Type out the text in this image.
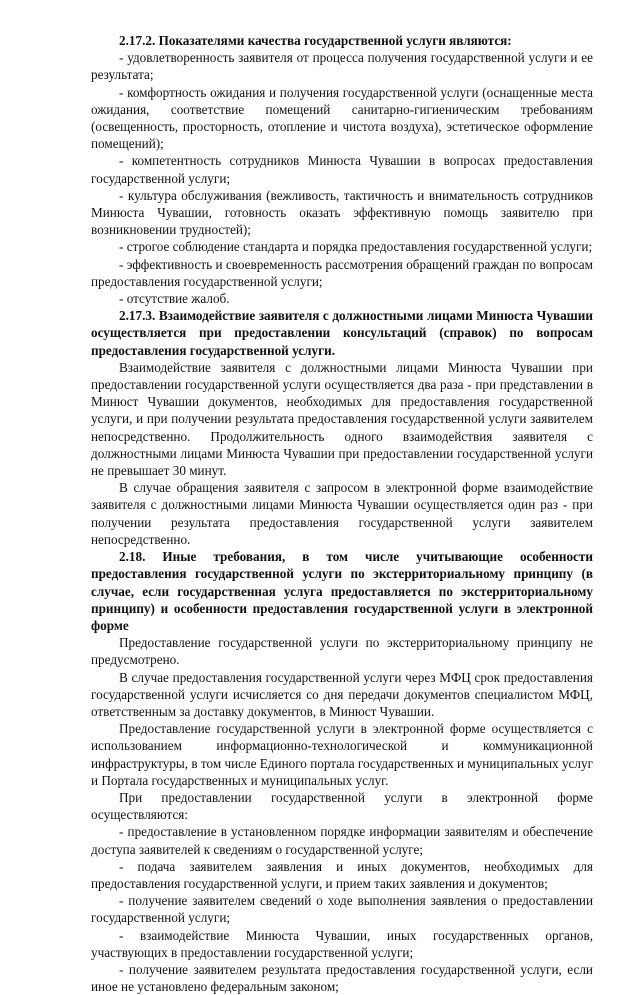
2.17.2. Показателями качества государственной услуги являются:

- удовлетворенность заявителя от процесса получения государственной услуги и ее результата;

- комфортность ожидания и получения государственной услуги (оснащенные места ожидания, соответствие помещений санитарно-гигиеническим требованиям (освещенность, просторность, отопление и чистота воздуха), эстетическое оформление помещений);

- компетентность сотрудников Минюста Чувашии в вопросах предоставления государственной услуги;

- культура обслуживания (вежливость, тактичность и внимательность сотрудников Минюста Чувашии, готовность оказать эффективную помощь заявителю при возникновении трудностей);

- строгое соблюдение стандарта и порядка предоставления государственной услуги;

- эффективность и своевременность рассмотрения обращений граждан по вопросам предоставления государственной услуги;

- отсутствие жалоб.

2.17.3. Взаимодействие заявителя с должностными лицами Минюста Чувашии осуществляется при предоставлении консультаций (справок) по вопросам предоставления государственной услуги.

Взаимодействие заявителя с должностными лицами Минюста Чувашии при предоставлении государственной услуги осуществляется два раза - при представлении в Минюст Чувашии документов, необходимых для предоставления государственной услуги, и при получении результата предоставления государственной услуги заявителем непосредственно. Продолжительность одного взаимодействия заявителя с должностными лицами Минюста Чувашии при предоставлении государственной услуги не превышает 30 минут.

В случае обращения заявителя с запросом в электронной форме взаимодействие заявителя с должностными лицами Минюста Чувашии осуществляется один раз - при получении результата предоставления государственной услуги заявителем непосредственно.

2.18. Иные требования, в том числе учитывающие особенности предоставления государственной услуги по экстерриториальному принципу (в случае, если государственная услуга предоставляется по экстерриториальному принципу) и особенности предоставления государственной услуги в электронной форме

Предоставление государственной услуги по экстерриториальному принципу не предусмотрено.

В случае предоставления государственной услуги через МФЦ срок предоставления государственной услуги исчисляется со дня передачи документов специалистом МФЦ, ответственным за доставку документов, в Минюст Чувашии.

Предоставление государственной услуги в электронной форме осуществляется с использованием информационно-технологической и коммуникационной инфраструктуры, в том числе Единого портала государственных и муниципальных услуг и Портала государственных и муниципальных услуг.

При предоставлении государственной услуги в электронной форме осуществляются:

- предоставление в установленном порядке информации заявителям и обеспечение доступа заявителей к сведениям о государственной услуге;

- подача заявителем заявления и иных документов, необходимых для предоставления государственной услуги, и прием таких заявления и документов;

- получение заявителем сведений о ходе выполнения заявления о предоставлении государственной услуги;

- взаимодействие Минюста Чувашии, иных государственных органов, участвующих в предоставлении государственной услуги;

- получение заявителем результата предоставления государственной услуги, если иное не установлено федеральным законом;
